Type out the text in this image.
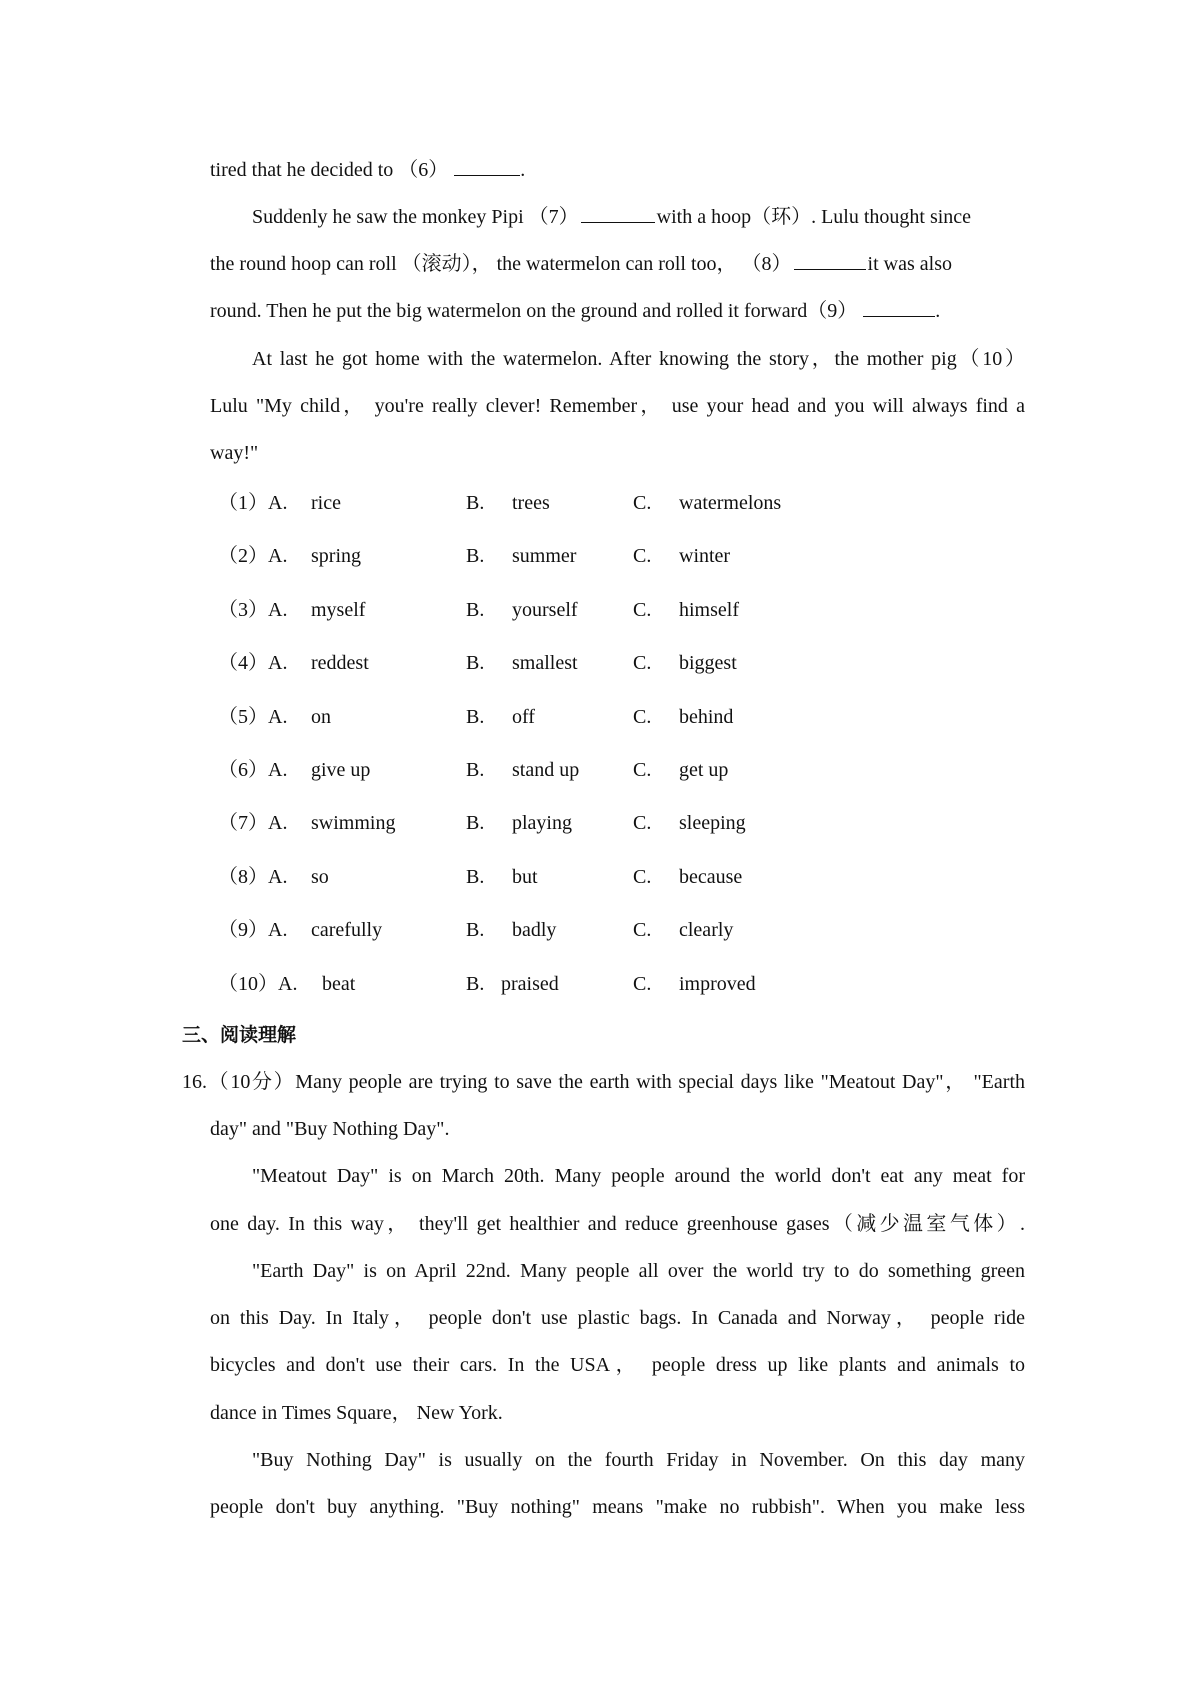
tired that he decided to （6）	.
Suddenly he saw the monkey Pipi （7）	with a hoop（环）. Lulu thought since
the round hoop can roll （滚动）， the watermelon can roll too， （8）	it was also
round. Then he put the big watermelon on the ground and rolled it forward（9）	.
At last he got home with the watermelon. After knowing the story，the mother pig（10）
Lulu "My child， you're really clever! Remember， use your head and you will always find a
way!"
（1）A. rice	B. trees	C. watermelons
（2）A. spring	B. summer	C. winter
（3）A. myself	B. yourself	C. himself
（4）A. reddest	B. smallest	C. biggest
（5）A. on	B. off	C. behind
（6）A. give up	B. stand up	C. get up
（7）A. swimming	B. playing	C. sleeping
（8）A. so	B. but	C. because
（9）A. carefully	B. badly	C. clearly
（10）A. beat	B. praised	C. improved
三、阅读理解
16.（10分）Many people are trying to save the earth with special days like "Meatout Day"， "Earth
day" and "Buy Nothing Day".
"Meatout Day" is on March 20th. Many people around the world don't eat any meat for
one day. In this way， they'll get healthier and reduce greenhouse gases（减少温室气体）.
"Earth Day" is on April 22nd. Many people all over the world try to do something green
on this Day. In Italy， people don't use plastic bags. In Canada and Norway， people ride
bicycles and don't use their cars. In the USA， people dress up like plants and animals to
dance in Times Square， New York.
"Buy Nothing Day" is usually on the fourth Friday in November. On this day many
people don't buy anything. "Buy nothing" means "make no rubbish". When you make less
